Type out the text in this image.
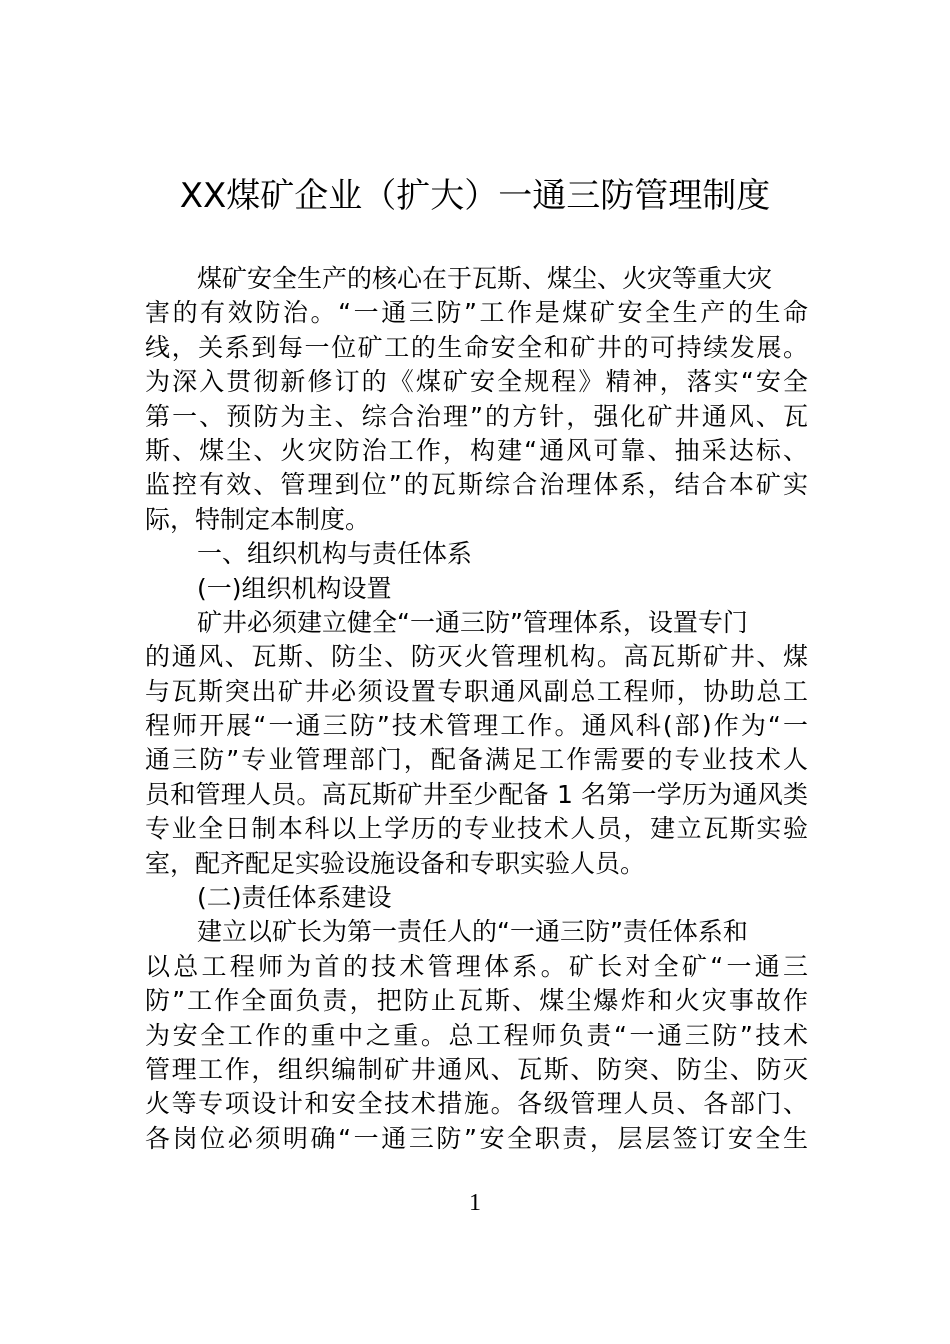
XX煤矿企业（扩大）一通三防管理制度
煤矿安全生产的核心在于瓦斯、煤尘、火灾等重大灾
害的有效防治。“一通三防”工作是煤矿安全生产的生命
线，关系到每一位矿工的生命安全和矿井的可持续发展。
为深入贯彻新修订的《煤矿安全规程》精神，落实“安全
第一、预防为主、综合治理”的方针，强化矿井通风、瓦
斯、煤尘、火灾防治工作，构建“通风可靠、抽采达标、
监控有效、管理到位”的瓦斯综合治理体系，结合本矿实
际，特制定本制度。
一、组织机构与责任体系
(一)组织机构设置
矿井必须建立健全“一通三防”管理体系，设置专门
的通风、瓦斯、防尘、防灭火管理机构。高瓦斯矿井、煤
与瓦斯突出矿井必须设置专职通风副总工程师，协助总工
程师开展“一通三防”技术管理工作。通风科(部)作为“一
通三防”专业管理部门，配备满足工作需要的专业技术人
员和管理人员。高瓦斯矿井至少配备 1 名第一学历为通风类
专业全日制本科以上学历的专业技术人员，建立瓦斯实验
室，配齐配足实验设施设备和专职实验人员。
(二)责任体系建设
建立以矿长为第一责任人的“一通三防”责任体系和
以总工程师为首的技术管理体系。矿长对全矿“一通三
防”工作全面负责，把防止瓦斯、煤尘爆炸和火灾事故作
为安全工作的重中之重。总工程师负责“一通三防”技术
管理工作，组织编制矿井通风、瓦斯、防突、防尘、防灭
火等专项设计和安全技术措施。各级管理人员、各部门、
各岗位必须明确“一通三防”安全职责，层层签订安全生
1
